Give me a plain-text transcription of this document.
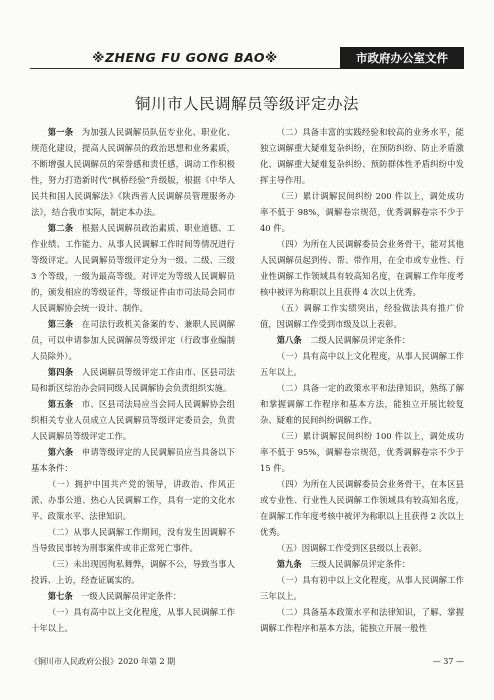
※ZHENG FU GONG BAO※	市政府办公室文件
铜川市人民调解员等级评定办法

第一条　 为加强人民调解员队伍专业化、职业化、规范化建设，提高人民调解员的政治思想和业务素质，不断增强人民调解员的荣誉感和责任感，调动工作积极性，努力打造新时代“枫桥经验”升级版，根据《中华人民共和国人民调解法》《陕西省人民调解员管理服务办法》，结合我市实际，制定本办法。

第二条　 根据人民调解员政治素质、职业道德、工作业绩、工作能力、从事人民调解工作时间等情况进行等级评定。人民调解员等级评定分为一级、二级、三级 3 个等级，一级为最高等级。对评定为等级人民调解员的，颁发相应的等级证件，等级证件由市司法局会同市人民调解协会统一设计、制作。

第三条　 在司法行政机关备案的专、兼职人民调解员，可以申请参加人民调解员等级评定（行政事业编制人员除外）。

第四条　 人民调解员等级评定工作由市、区县司法局和新区综治办会同同级人民调解协会负责组织实施。

第五条　 市、区县司法局应当会同人民调解协会组织相关专业人员成立人民调解员等级评定委员会，负责人民调解员等级评定工作。

第六条　 申请等级评定的人民调解员应当具备以下基本条件：

（一）拥护中国共产党的领导，讲政治、作风正派、办事公道、热心人民调解工作，具有一定的文化水平、政策水平、法律知识。

（二）从事人民调解工作期间，没有发生因调解不当导致民事转为刑事案件或非正常死亡事件。

（三）未出现因徇私舞弊，调解不公，导致当事人投诉、上访，经查证属实的。

第七条　 一级人民调解员评定条件：

（一）具有高中以上文化程度，从事人民调解工作十年以上。

（二）具备丰富的实践经验和较高的业务水平，能独立调解重大疑难复杂纠纷，在预防纠纷、防止矛盾激化、调解重大疑难复杂纠纷、预防群体性矛盾纠纷中发挥主导作用。

（三）累计调解民间纠纷 200 件以上，调处成功率不低于 98%，调解卷宗规范，优秀调解卷宗不少于 40 件。

（四）为所在人民调解委员会业务骨干，能对其他人民调解员起到传、帮、带作用，在全市或专业性、行业性调解工作领域具有较高知名度，在调解工作年度考核中被评为称职以上且获得 4 次以上优秀。

（五）调解工作实绩突出，经验做法具有推广价值，因调解工作受到市级及以上表彰。

第八条　 二级人民调解员评定条件：

（一）具有高中以上文化程度，从事人民调解工作五年以上。

（二）具备一定的政策水平和法律知识，熟练了解和掌握调解工作程序和基本方法，能独立开展比较复杂、疑难的民间纠纷调解工作。

（三）累计调解民间纠纷 100 件以上，调处成功率不低于 95%，调解卷宗规范，优秀调解卷宗不少于 15 件。

（四）为所在人民调解委员会业务骨干，在本区县或专业性、行业性人民调解工作领域具有较高知名度，在调解工作年度考核中被评为称职以上且获得 2 次以上优秀。

（五）因调解工作受到区县级以上表彰。

第九条　 三级人民调解员评定条件：

（一）具有初中以上文化程度，从事人民调解工作三年以上。

（二）具备基本政策水平和法律知识，了解、掌握调解工作程序和基本方法，能独立开展一般性

《铜川市人民政府公报》2020 年第 2 期	— 37 —
